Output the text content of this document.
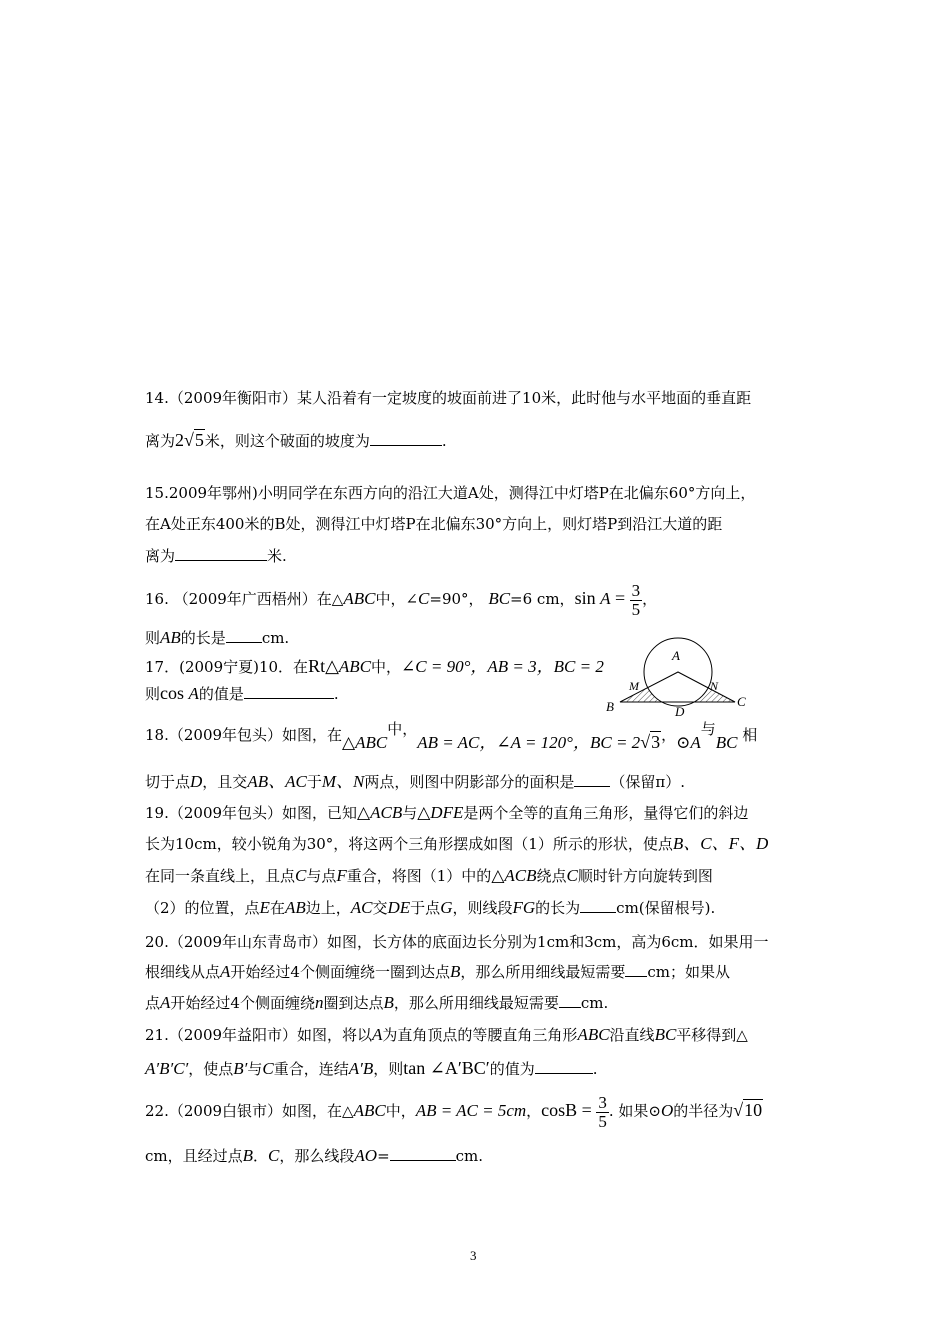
14.（2009年衡阳市）某人沿着有一定坡度的坡面前进了10米，此时他与水平地面的垂直距
离为2√5米，则这个破面的坡度为	.
15.2009年鄂州)小明同学在东西方向的沿江大道A处，测得江中灯塔P在北偏东60°方向上，
在A处正东400米的B处，测得江中灯塔P在北偏东30°方向上，则灯塔P到沿江大道的距
离为	米.
16. （2009年广西梧州）在△ABC中，∠C=90°， BC=6 cm，$\sin A = \frac{3}{5}$ ，
则AB的长是 cm.
17．(2009宁夏)10．在Rt△ABC中，∠C = 90°，AB = 3，BC = 2
则cos A的值是	.
18.（2009年包头）如图，在△ABC中，AB = AC，∠A = 120°，BC = 2√3，⊙A与BC 相
切于点D，且交AB、AC于M、N两点，则图中阴影部分的面积是 （保留π）.
19.（2009年包头）如图，已知△ACB与△DFE是两个全等的直角三角形，量得它们的斜边
长为10cm，较小锐角为30°，将这两个三角形摆成如图（1）所示的形状，使点B、C、F、D
在同一条直线上，且点C与点F重合，将图（1）中的△ACB绕点C顺时针方向旋转到图
（2）的位置，点E在AB边上，AC交DE于点G，则线段FG的长为 cm(保留根号).
20.（2009年山东青岛市）如图，长方体的底面边长分别为1cm和3cm，高为6cm．如果用一
根细线从点A开始经过4个侧面缠绕一圈到达点B，那么所用细线最短需要 cm；如果从
点A开始经过4个侧面缠绕n圈到达点B，那么所用细线最短需要 cm.
21.（2009年益阳市）如图，将以A为直角顶点的等腰直角三角形ABC沿直线BC平移得到△
A′B′C′，使点B′与C重合，连结A′B，则tan ∠A′BC′的值为	.
22.（2009白银市）如图，在△ABC中，AB = AC = 5cm，$\cos B = \frac{3}{5}$ . 如果⊙O的半径为√10
cm，且经过点B．C，那么线段AO=	cm.
A
B	C
D
M	N
3
